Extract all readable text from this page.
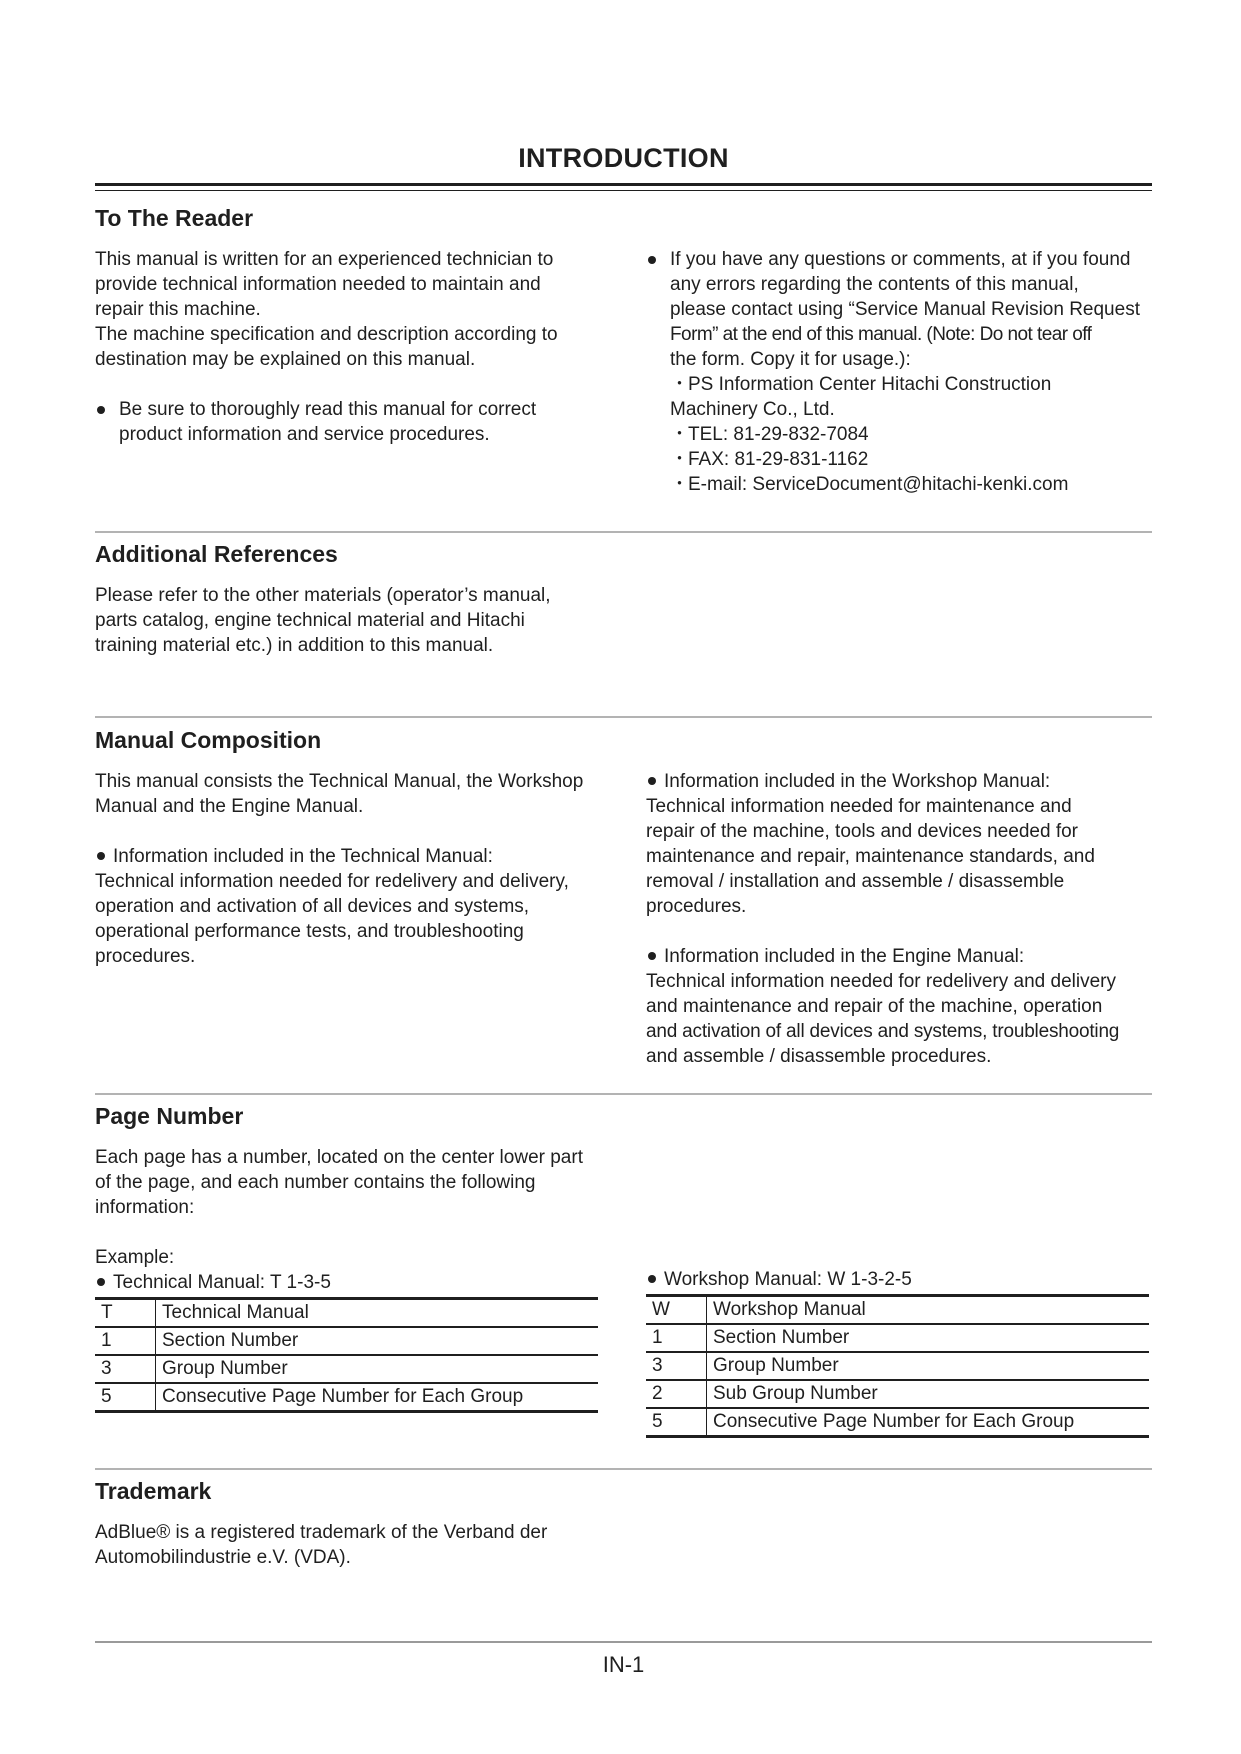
INTRODUCTION
To The Reader

This manual is written for an experienced technician to

provide technical information needed to maintain and

repair this machine.

The machine specification and description according to

destination may be explained on this manual.

Be sure to thoroughly read this manual for correct

product information and service procedures.

If you have any questions or comments, at if you found

any errors regarding the contents of this manual,

please contact using “Service Manual Revision Request

Form” at the end of this manual. (Note: Do not tear off

the form. Copy it for usage.):

・

PS Information Center Hitachi Construction

Machinery Co., Ltd.

・

TEL: 81-29-832-7084

・

FAX: 81-29-831-1162

・

E-mail: ServiceDocument@hitachi-kenki.com

Additional References

Please refer to the other materials (operator’s manual,

parts catalog, engine technical material and Hitachi

training material etc.) in addition to this manual.

Manual Composition

This manual consists the Technical Manual, the Workshop

Manual and the Engine Manual.

Information included in the Technical Manual:

Technical information needed for redelivery and delivery,

operation and activation of all devices and systems,

operational performance tests, and troubleshooting

procedures.

Information included in the Workshop Manual:

Technical information needed for maintenance and

repair of the machine, tools and devices needed for

maintenance and repair, maintenance standards, and

removal / installation and assemble / disassemble

procedures.

Information included in the Engine Manual:

Technical information needed for redelivery and delivery

and maintenance and repair of the machine, operation

and activation of all devices and systems, troubleshooting

and assemble / disassemble procedures.

Page Number

Each page has a number, located on the center lower part

of the page, and each number contains the following

information:

Example:

Technical Manual: T 1-3-5

T	Technical Manual
1	Section Number
3	Group Number
5	Consecutive Page Number for Each Group

Workshop Manual: W 1-3-2-5

W	Workshop Manual
1	Section Number
3	Group Number
2	Sub Group Number
5	Consecutive Page Number for Each Group
Trademark

AdBlue® is a registered trademark of the Verband der

Automobilindustrie e.V. (VDA).

IN-1
